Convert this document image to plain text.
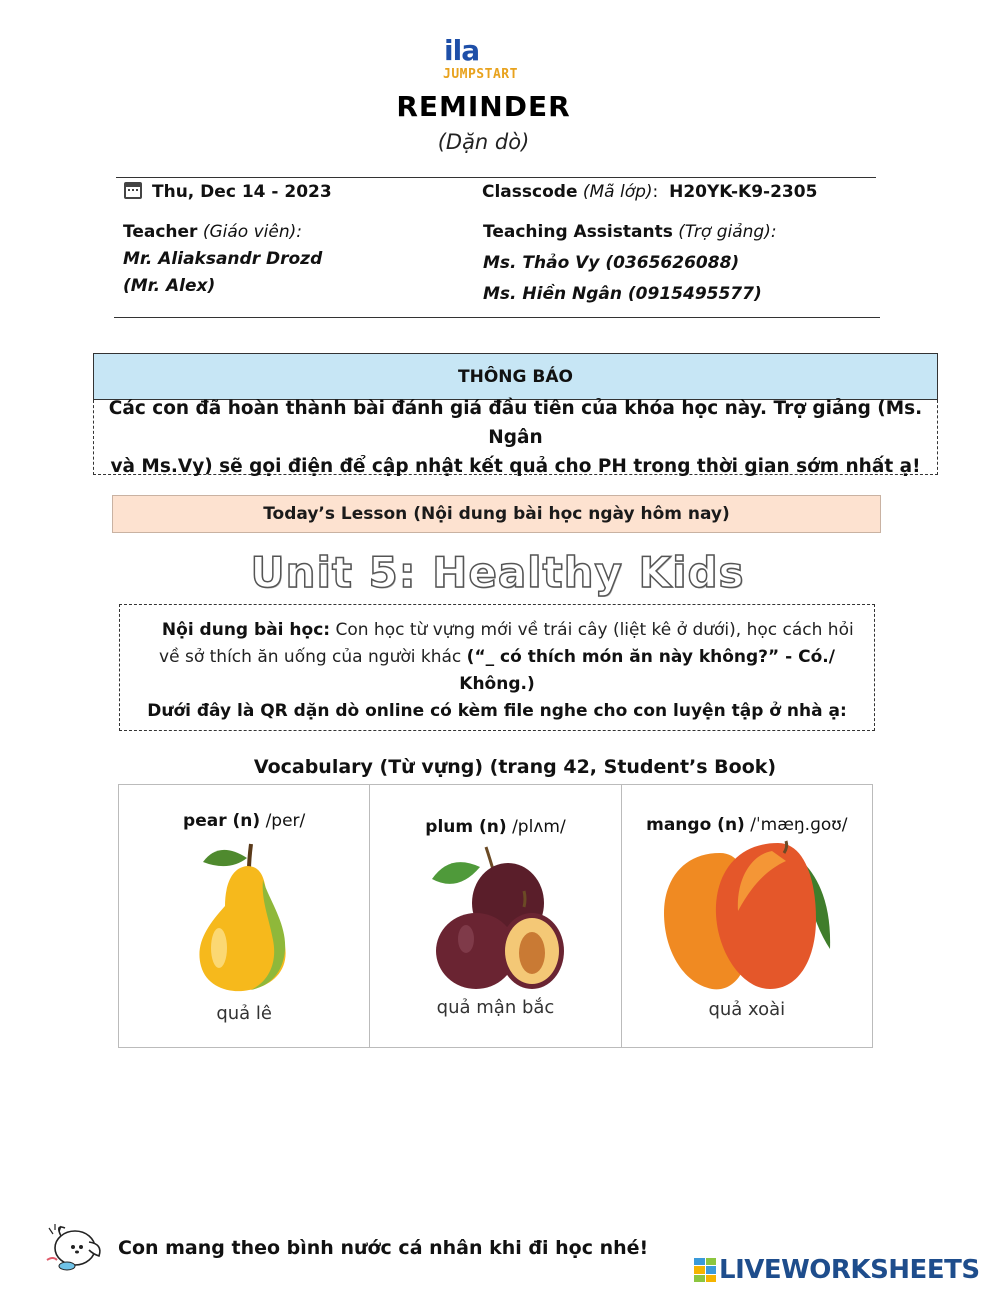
ila
JUMPSTART
REMINDER
(Dặn dò)
Thu, Dec 14 - 2023	Classcode (Mã lớp):  H20YK-K9-2305
Teacher (Giáo viên):
Mr. Aliaksandr Drozd
(Mr. Alex)
Teaching Assistants (Trợ giảng):
Ms. Thảo Vy (0365626088)
Ms. Hiền Ngân (0915495577)
THÔNG BÁO
Các con đã hoàn thành bài đánh giá đầu tiên của khóa học này. Trợ giảng (Ms. Ngân
và Ms.Vy) sẽ gọi điện để cập nhật kết quả cho PH trong thời gian sớm nhất ạ!
Today’s Lesson (Nội dung bài học ngày hôm nay)
Unit 5: Healthy Kids
Nội dung bài học: Con học từ vựng mới về trái cây (liệt kê ở dưới), học cách hỏi
về sở thích ăn uống của người khác (“_ có thích món ăn này không?” - Có./ Không.)
Dưới đây là QR dặn dò online có kèm file nghe cho con luyện tập ở nhà ạ:
Vocabulary (Từ vựng) (trang 42, Student’s Book)
pear (n) /per/
quả lê
plum (n) /plʌm/
quả mận bắc
mango (n) /ˈmæŋ.ɡoʊ/
quả xoài
Con mang theo bình nước cá nhân khi đi học nhé!
LIVEWORKSHEETS
